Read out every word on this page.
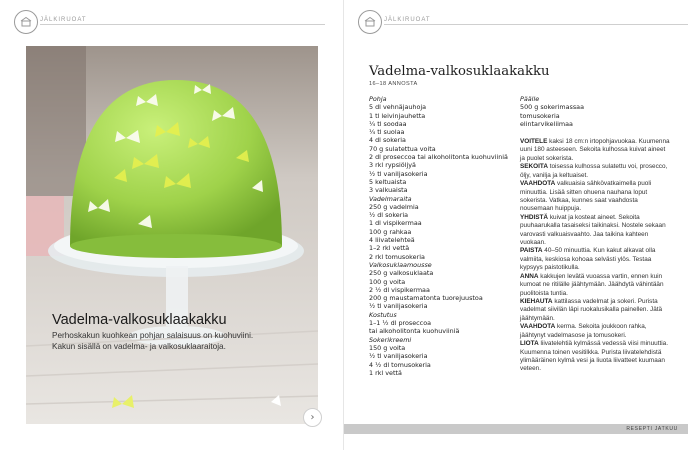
JÄLKIRUOAT
Vadelma-valkosuklaakakku
Perhoskakun kuohkean pohjan salaisuus on kuohuviini. Kakun sisällä on vadelma- ja valkosuklaaraitoja.
›
JÄLKIRUOAT
Vadelma-valkosuklaakakku
16–18 ANNOSTA
Pohja
5 dl vehnäjauhoja
1 tl leivinjauhetta
¼ tl soodaa
¼ tl suolaa
4 dl sokeria
70 g sulatettua voita
2 dl proseccoa tai alkoholitonta kuohuviiniä
3 rkl rypsiöljyä
½ tl vaniljasokeria
5 keltuaista
3 valkuaista
Vadelmaraita
250 g vadelmia
½ dl sokeria
1 dl vispikermaa
100 g rahkaa
4 liivatelehteä
1–2 rkl vettä
2 rkl tomusokeria
Valkosuklaamousse
250 g valkosuklaata
100 g voita
2 ½ dl vispikermaa
200 g maustamatonta tuorejuustoa
½ tl vaniljasokeria
Kostutus
1–1 ½ dl proseccoa
tai alkoholitonta kuohuviiniä
Sokerikreemi
150 g voita
½ tl vaniljasokeria
4 ½ dl tomusokeria
1 rkl vettä
Päälle
500 g sokerimassaa
tomusokeria
elintarvikeliimaa
VOITELE kaksi 18 cm:n irtopohjavuokaa. Kuumenna uuni 180 asteeseen. Sekoita kulhossa kuivat aineet ja puolet sokerista.
SEKOITA toisessa kulhossa sulatettu voi, prosecco, öljy, vanilja ja keltuaiset.
VAAHDOTA valkuaisia sähkövatkaimella puoli minuuttia. Lisää sitten ohuena nauhana loput sokerista. Vatkaa, kunnes saat vaahdosta nousemaan huippuja.
YHDISTÄ kuivat ja kosteat aineet. Sekoita puuhaarukalla tasaiseksi taikinaksi. Nostele sekaan varovasti valkuaisvaahto. Jaa taikina kahteen vuokaan.
PAISTA 40–50 minuuttia. Kun kakut alkavat olla valmiita, keskiosa kohoaa selvästi ylös. Testaa kypsyys paistotikulla.
ANNA kakkujen levätä vuoassa vartin, ennen kuin kumoat ne ritilälle jäähtymään. Jäähdytä vähintään puolitoista tuntia.
KIEHAUTA kattilassa vadelmat ja sokeri. Purista vadelmat siivilän läpi ruokalusikalla painellen. Jätä jäähtymään.
VAAHDOTA kerma. Sekoita joukkoon rahka, jäähtynyt vadelmasose ja tomusokeri.
LIOTA liivatelehtiä kylmässä vedessä viisi minuuttia. Kuumenna toinen vesitilkka. Purista liivatelehdistä ylimääräinen kylmä vesi ja liuota liivatteet kuumaan veteen.
RESEPTI JATKUU
